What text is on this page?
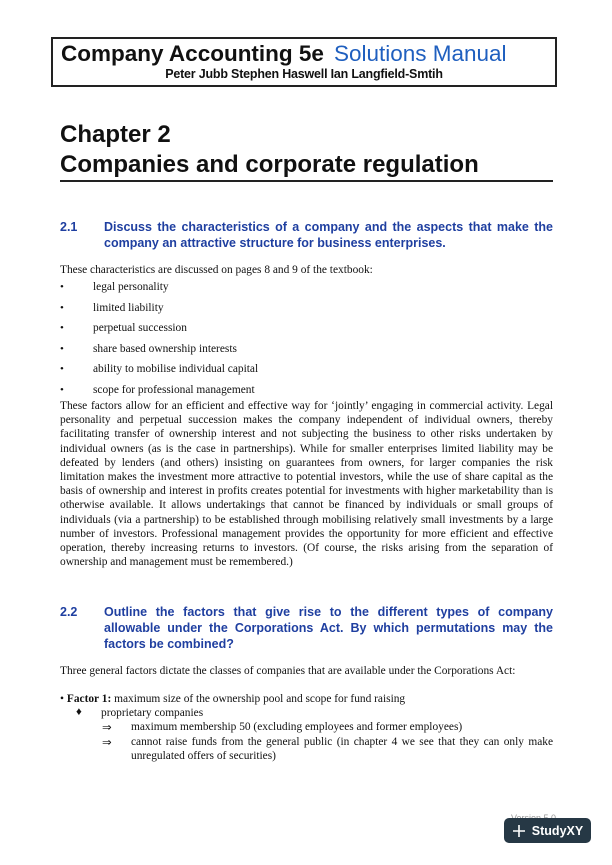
Company Accounting 5e Solutions Manual
Peter Jubb Stephen Haswell Ian Langfield-Smtih
Chapter 2
Companies and corporate regulation
2.1 Discuss the characteristics of a company and the aspects that make the company an attractive structure for business enterprises.
These characteristics are discussed on pages 8 and 9 of the textbook:
•	legal personality
•	limited liability
•	perpetual succession
•	share based ownership interests
•	ability to mobilise individual capital
•	scope for professional management
These factors allow for an efficient and effective way for ‘jointly’ engaging in commercial activity. Legal personality and perpetual succession makes the company independent of individual owners, thereby facilitating transfer of ownership interest and not subjecting the business to other risks undertaken by individual owners (as is the case in partnerships). While for smaller enterprises limited liability may be defeated by lenders (and others) insisting on guarantees from owners, for larger companies the risk limitation makes the investment more attractive to potential investors, while the use of share capital as the basis of ownership and interest in profits creates potential for investments with higher marketability than is otherwise available. It allows undertakings that cannot be financed by individuals or small groups of individuals (via a partnership) to be established through mobilising relatively small investments by a large number of investors. Professional management provides the opportunity for more efficient and effective operation, thereby increasing returns to investors. (Of course, the risks arising from the separation of ownership and management must be remembered.)
2.2 Outline the factors that give rise to the different types of company allowable under the Corporations Act. By which permutations may the factors be combined?
Three general factors dictate the classes of companies that are available under the Corporations Act:
• Factor 1: maximum size of the ownership pool and scope for fund raising
♦ proprietary companies
⇒ maximum membership 50 (excluding employees and former employees)
⇒ cannot raise funds from the general public (in chapter 4 we see that they can only make unregulated offers of securities)
StudyXY
